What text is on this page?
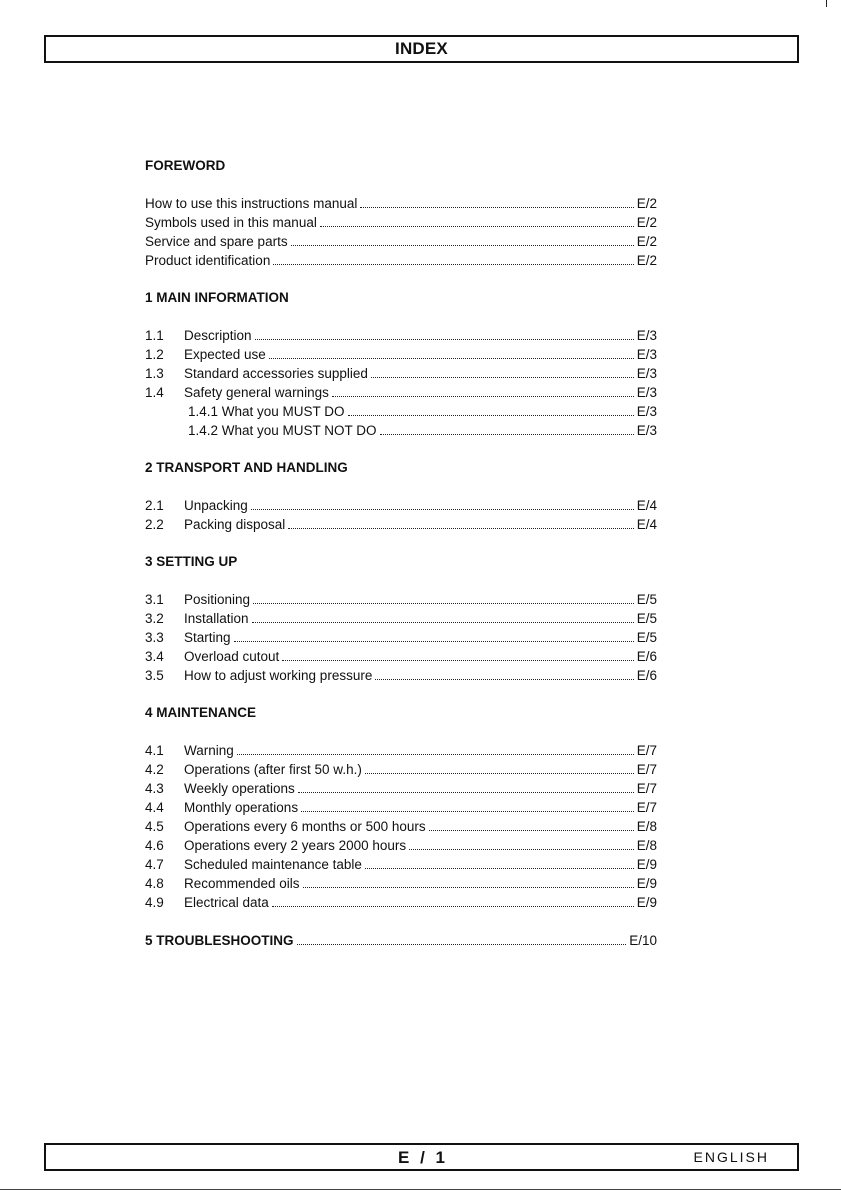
INDEX
FOREWORD
How to use this instructions manual	E/2
Symbols used in this manual	E/2
Service and spare parts	E/2
Product identification	E/2
1 MAIN INFORMATION
1.1	Description	E/3
1.2	Expected use	E/3
1.3	Standard accessories supplied	E/3
1.4	Safety general warnings	E/3
1.4.1 What you MUST DO	E/3
1.4.2 What you MUST NOT DO	E/3
2 TRANSPORT AND HANDLING
2.1	Unpacking	E/4
2.2	Packing disposal	E/4
3 SETTING UP
3.1	Positioning	E/5
3.2	Installation	E/5
3.3	Starting	E/5
3.4	Overload cutout	E/6
3.5	How to adjust working pressure	E/6
4 MAINTENANCE
4.1	Warning	E/7
4.2	Operations (after first 50 w.h.)	E/7
4.3	Weekly operations	E/7
4.4	Monthly operations	E/7
4.5	Operations every 6 months or 500 hours	E/8
4.6	Operations every 2 years 2000 hours	E/8
4.7	Scheduled maintenance table	E/9
4.8	Recommended oils	E/9
4.9	Electrical data	E/9
5 TROUBLESHOOTING	E/10
E / 1	ENGLISH
